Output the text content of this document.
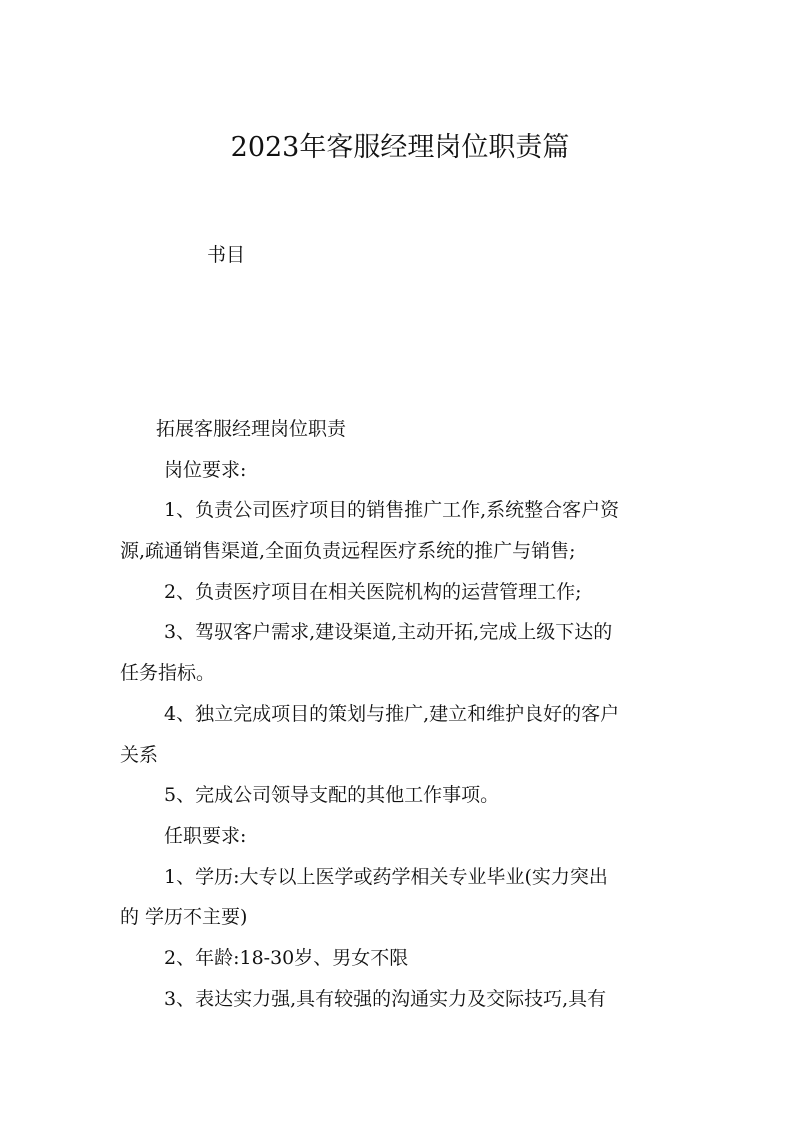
2023年客服经理岗位职责篇
书目
拓展客服经理岗位职责
岗位要求:
1、负责公司医疗项目的销售推广工作,系统整合客户资
源,疏通销售渠道,全面负责远程医疗系统的推广与销售;
2、负责医疗项目在相关医院机构的运营管理工作;
3、驾驭客户需求,建设渠道,主动开拓,完成上级下达的
任务指标。
4、独立完成项目的策划与推广,建立和维护良好的客户
关系
5、完成公司领导支配的其他工作事项。
任职要求:
1、学历:大专以上医学或药学相关专业毕业(实力突出
的 学历不主要)
2、年龄:18-30岁、男女不限
3、表达实力强,具有较强的沟通实力及交际技巧,具有
